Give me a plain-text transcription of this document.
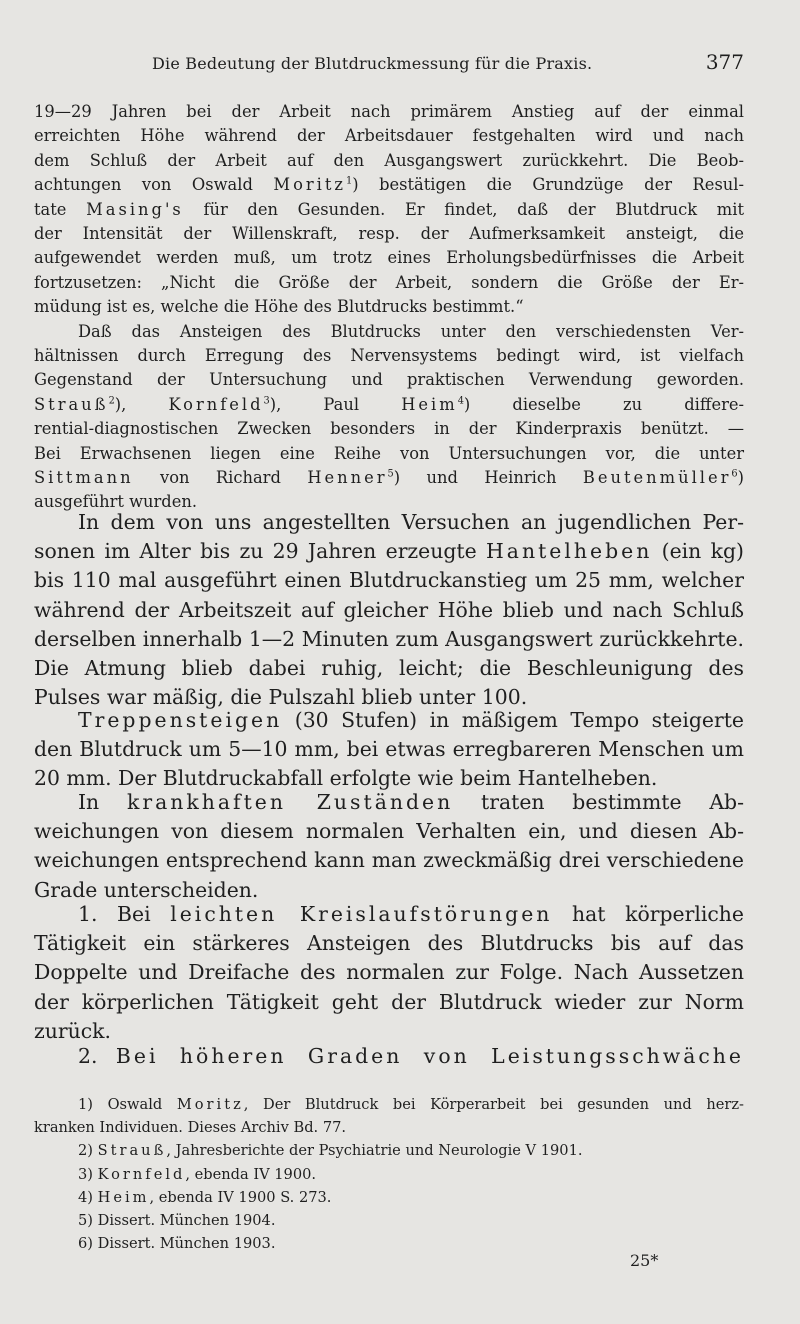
Die Bedeutung der Blutdruckmessung für die Praxis.	377
19—29 Jahren bei der Arbeit nach primärem Anstieg auf der einmal
erreichten Höhe während der Arbeitsdauer festgehalten wird und nach
dem Schluß der Arbeit auf den Ausgangswert zurückkehrt. Die Beob-
achtungen von Oswald Moritz$^1$) bestätigen die Grundzüge der Resul-
tate Masing's für den Gesunden. Er findet, daß der Blutdruck mit
der Intensität der Willenskraft, resp. der Aufmerksamkeit ansteigt, die
aufgewendet werden muß, um trotz eines Erholungsbedürfnisses die Arbeit
fortzusetzen: „Nicht die Größe der Arbeit, sondern die Größe der Er-
müdung ist es, welche die Höhe des Blutdrucks bestimmt.“
Daß das Ansteigen des Blutdrucks unter den verschiedensten Ver-
hältnissen durch Erregung des Nervensystems bedingt wird, ist vielfach
Gegenstand der Untersuchung und praktischen Verwendung geworden.
Strauß$^2$), Kornfeld$^3$), Paul Heim$^4$) dieselbe zu differe-
rential-diagnostischen Zwecken besonders in der Kinderpraxis benützt. —
Bei Erwachsenen liegen eine Reihe von Untersuchungen vor, die unter
Sittmann von Richard Henner$^5$) und Heinrich Beutenmüller$^6$)
ausgeführt wurden.
In dem von uns angestellten Versuchen an jugendlichen Per-
sonen im Alter bis zu 29 Jahren erzeugte Hantelheben (ein kg)
bis 110 mal ausgeführt einen Blutdruckanstieg um 25 mm, welcher
während der Arbeitszeit auf gleicher Höhe blieb und nach Schluß
derselben innerhalb 1—2 Minuten zum Ausgangswert zurückkehrte.
Die Atmung blieb dabei ruhig, leicht; die Beschleunigung des
Pulses war mäßig, die Pulszahl blieb unter 100.
Treppensteigen (30 Stufen) in mäßigem Tempo steigerte
den Blutdruck um 5—10 mm, bei etwas erregbareren Menschen um
20 mm. Der Blutdruckabfall erfolgte wie beim Hantelheben.
In krankhaften Zuständen traten bestimmte Ab-
weichungen von diesem normalen Verhalten ein, und diesen Ab-
weichungen entsprechend kann man zweckmäßig drei verschiedene
Grade unterscheiden.
1. Bei leichten Kreislaufstörungen hat körperliche
Tätigkeit ein stärkeres Ansteigen des Blutdrucks bis auf das
Doppelte und Dreifache des normalen zur Folge. Nach Aussetzen
der körperlichen Tätigkeit geht der Blutdruck wieder zur Norm
zurück.
2. Bei höheren Graden von Leistungsschwäche
1) Oswald Moritz, Der Blutdruck bei Körperarbeit bei gesunden und herz-
kranken Individuen. Dieses Archiv Bd. 77.
2) Strauß, Jahresberichte der Psychiatrie und Neurologie V 1901.
3) Kornfeld, ebenda IV 1900.
4) Heim, ebenda IV 1900 S. 273.
5) Dissert. München 1904.
6) Dissert. München 1903.
25*
